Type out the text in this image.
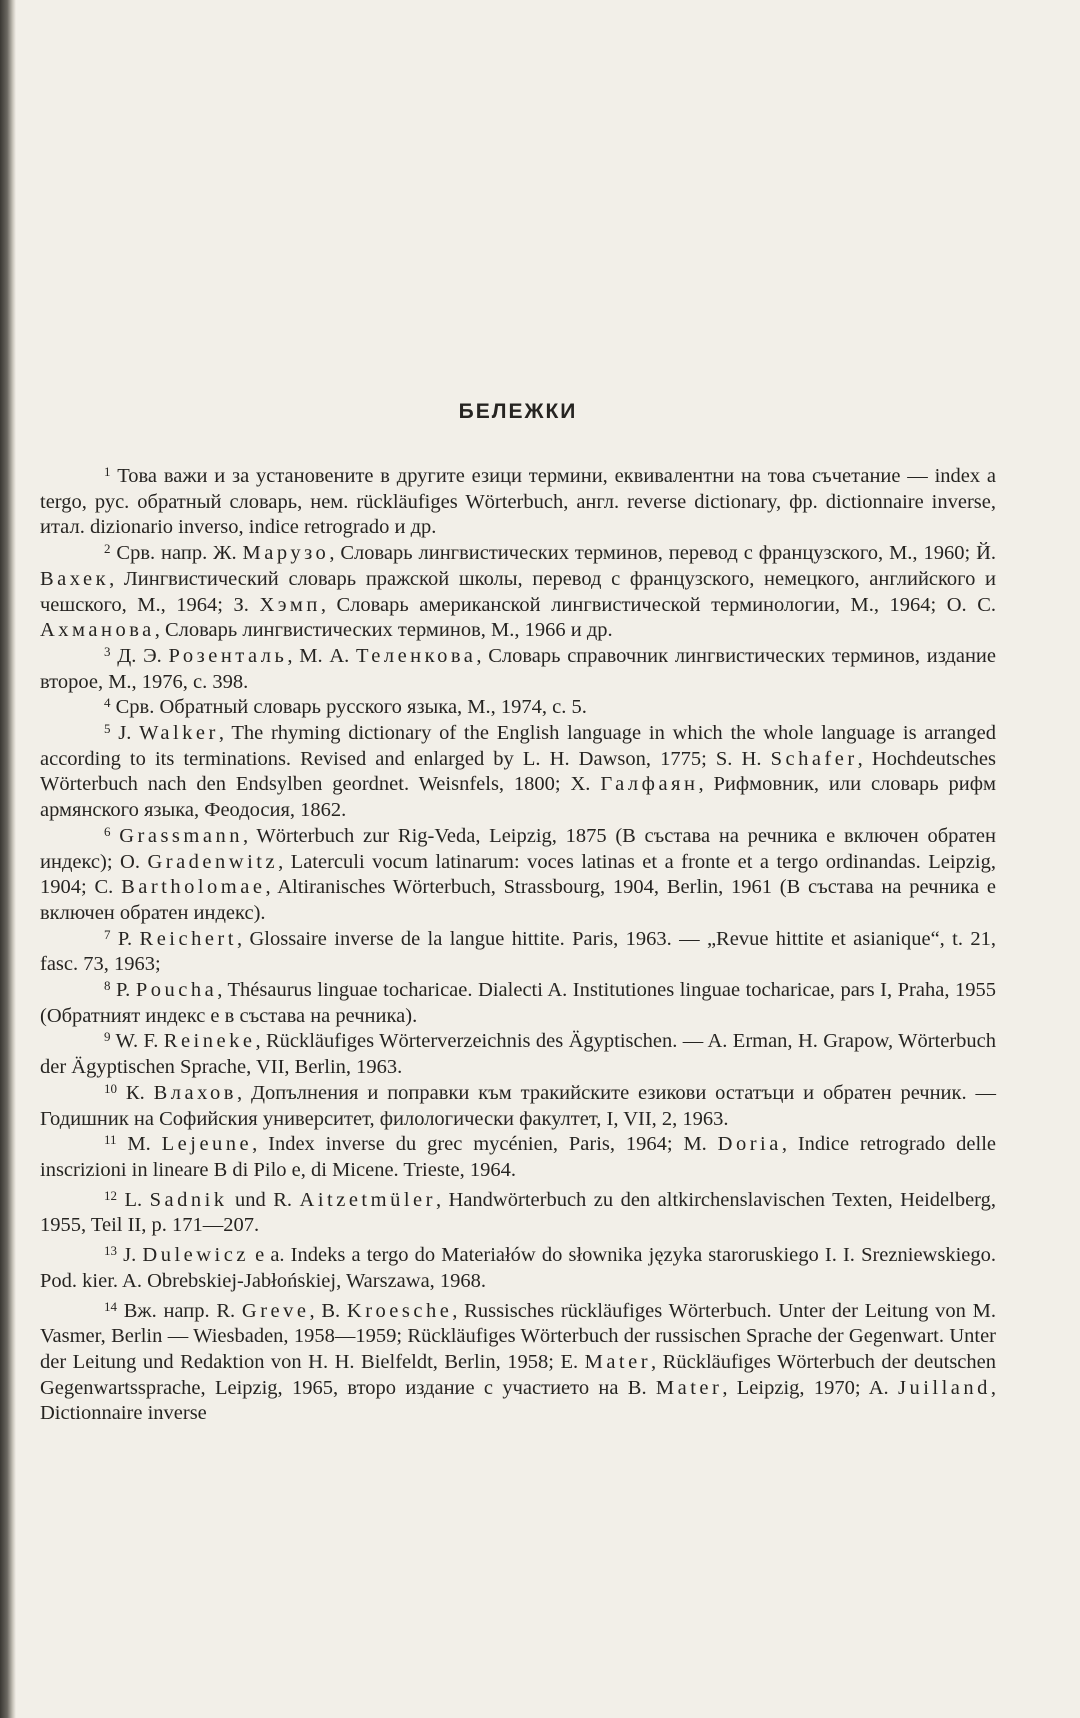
БЕЛЕЖКИ

$^1$ Това важи и за установените в другите езици термини, еквивалентни на това съчетание — index a tergo, рус. обратный словарь, нем. rückläufiges Wörterbuch, англ. reverse dictionary, фр. dictionnaire inverse, итал. dizionario inverso, indice retrogrado и др.

$^2$ Срв. напр. Ж. Марузо, Словарь лингвистических терминов, перевод с французского, М., 1960; Й. Вахек, Лингвистический словарь пражской школы, перевод с французского, немецкого, английского и чешского, М., 1964; З. Хэмп, Словарь американской лингвистической терминологии, М., 1964; О. С. Ахманова, Словарь лингвистических терминов, М., 1966 и др.

$^3$ Д. Э. Розенталь, М. А. Теленкова, Словарь справочник лингвистических терминов, издание второе, М., 1976, с. 398.

$^4$ Срв. Обратный словарь русского языка, М., 1974, с. 5.

$^5$ J. Walker, The rhyming dictionary of the English language in which the whole language is arranged according to its terminations. Revised and enlarged by L. H. Dawson, 1775; S. H. Schafer, Hochdeutsches Wörterbuch nach den Endsylben geordnet. Weisnfels, 1800; Х. Галфаян, Рифмовник, или словарь рифм армянского языка, Феодосия, 1862.

$^6$ Grassmann, Wörterbuch zur Rig-Veda, Leipzig, 1875 (В състава на речника е включен обратен индекс); O. Gradenwitz, Laterculi vocum latinarum: voces latinas et a fronte et a tergo ordinandas. Leipzig, 1904; C. Bartholomae, Altiranisches Wörterbuch, Strassbourg, 1904, Berlin, 1961 (В състава на речника е включен обратен индекс).

$^7$ P. Reichert, Glossaire inverse de la langue hittite. Paris, 1963. — „Revue hittite et asianique“, t. 21, fasc. 73, 1963;

$^8$ P. Poucha, Thésaurus linguae tocharicae. Dialecti A. Institutiones linguae tocharicae, pars I, Praha, 1955 (Обратният индекс е в състава на речника).

$^9$ W. F. Reineke, Rückläufiges Wörterverzeichnis des Ägyptischen. — A. Erman, H. Grapow, Wörterbuch der Ägyptischen Sprache, VII, Berlin, 1963.

$^{10}$ К. Влахов, Допълнения и поправки към тракийските езикови остатъци и обратен речник. — Годишник на Софийския университет, филологически факултет, I, VII, 2, 1963.

$^{11}$ M. Lejeune, Index inverse du grec mycénien, Paris, 1964; M. Doria, Indice retrogrado delle inscrizioni in lineare B di Pilo e, di Micene. Trieste, 1964.

$^{12}$ L. Sadnik und R. Aitzetmüler, Handwörterbuch zu den altkirchenslavischen Texten, Heidelberg, 1955, Teil II, p. 171—207.

$^{13}$ J. Dulewicz e a. Indeks a tergo do Materiałów do słownika języka staroruskiego I. I. Srezniewskiego. Pod. kier. A. Obrebskiej-Jabłońskiej, Warszawa, 1968.

$^{14}$ Вж. напр. R. Greve, B. Kroesche, Russisches rückläufiges Wörterbuch. Unter der Leitung von M. Vasmer, Berlin — Wiesbaden, 1958—1959; Rückläufiges Wörterbuch der russischen Sprache der Gegenwart. Unter der Leitung und Redaktion von H. H. Bielfeldt, Berlin, 1958; E. Mater, Rückläufiges Wörterbuch der deutschen Gegenwartssprache, Leipzig, 1965, второ издание с участието на B. Mater, Leipzig, 1970; A. Juilland, Dictionnaire inverse
